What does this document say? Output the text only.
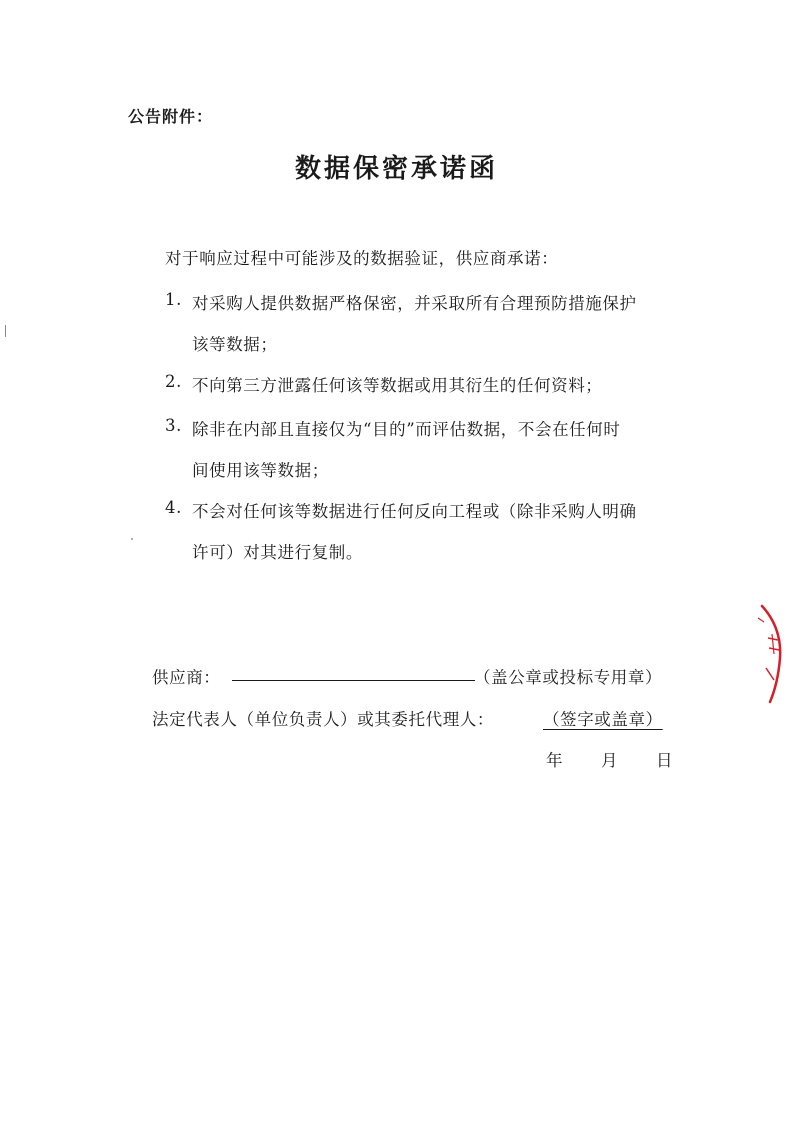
公告附件：
数据保密承诺函
对于响应过程中可能涉及的数据验证，供应商承诺：
1. 对采购人提供数据严格保密，并采取所有合理预防措施保护
该等数据；
2. 不向第三方泄露任何该等数据或用其衍生的任何资料；
3. 除非在内部且直接仅为“目的”而评估数据，不会在任何时
间使用该等数据；
4. 不会对任何该等数据进行任何反向工程或（除非采购人明确
许可）对其进行复制。
供应商：	（盖公章或投标专用章）
法定代表人（单位负责人）或其委托代理人：	（签字或盖章）
年 月 日
